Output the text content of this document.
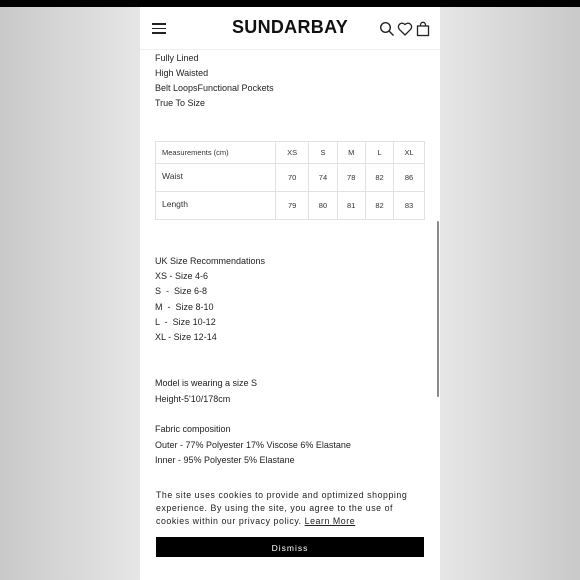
SUNDARBAY
Fully Lined
High Waisted
Belt LoopsFunctional Pockets
True To Size
Measurements (cm)	XS	S	M	L	XL
Waist	70	74	78	82	86
Length	79	80	81	82	83
UK Size Recommendations
XS - Size 4-6
S  -  Size 6-8
M  -  Size 8-10
L  -  Size 10-12
XL - Size 12-14
Model is wearing a size S
Height-5'10/178cm
Fabric composition
Outer - 77% Polyester 17% Viscose 6% Elastane
Inner - 95% Polyester 5% Elastane
The site uses cookies to provide and optimized shopping experience. By using the site, you agree to the use of cookies within our privacy policy. Learn More
Dismiss
